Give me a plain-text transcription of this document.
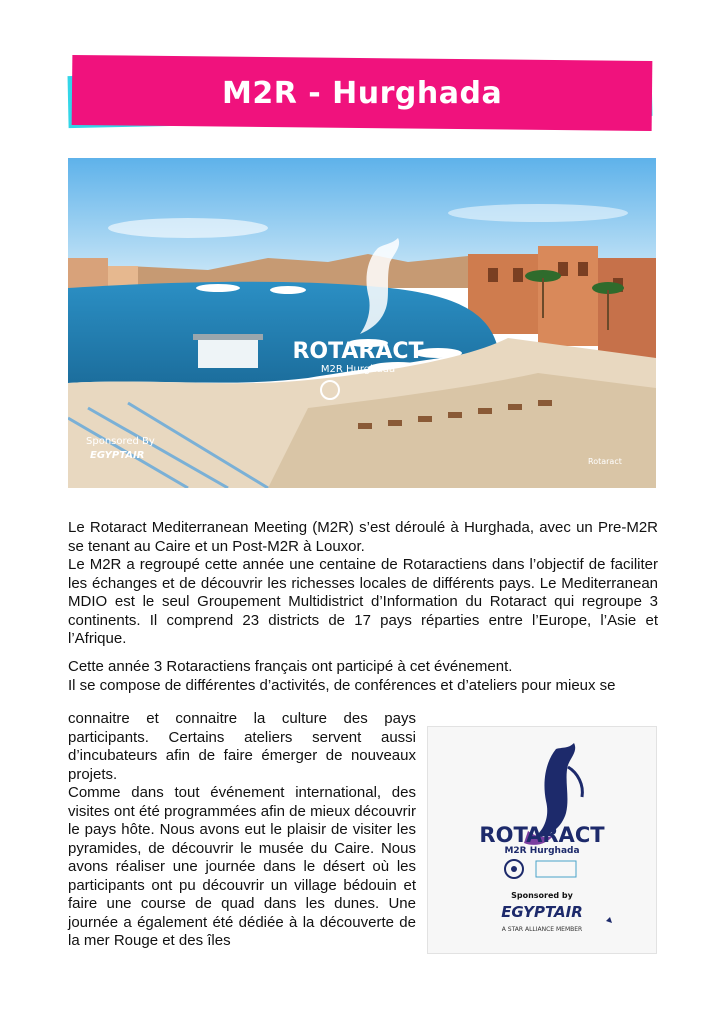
M2R - Hurghada
ROTARACT
M2R Hurghada
Sponsored By
EGYPTAIR
Rotaract

Le Rotaract Mediterranean Meeting (M2R) s’est déroulé à Hurghada, avec un Pre-M2R se tenant au Caire et un Post-M2R à Louxor.

Le M2R a regroupé cette année une centaine de Rotaractiens dans l’objectif de faciliter les échanges et de découvrir les richesses locales de différents pays. Le Mediterranean MDIO est le seul Groupement Multidistrict d’Information du Rotaract qui regroupe 3 continents. Il comprend 23 districts de 17 pays réparties entre l’Europe, l’Asie et l’Afrique.

Cette année 3 Rotaractiens français ont participé à cet événement.

Il se compose de différentes d’activités, de conférences et d’ateliers pour mieux se

connaitre et connaitre la culture des pays participants. Certains ateliers servent aussi d’incubateurs afin de faire émerger de nouveaux projets.

Comme dans tout événement international, des visites ont été programmées afin de mieux découvrir le pays hôte. Nous avons eut le plaisir de visiter les pyramides, de découvrir le musée du Caire. Nous avons réaliser une journée dans le désert où les participants ont pu découvrir un village bédouin et faire une course de quad dans les dunes. Une journée a également été dédiée à la découverte de la mer Rouge et des îles

ROTARACT
M2R Hurghada
Sponsored by
EGYPTAIR
A STAR ALLIANCE MEMBER
